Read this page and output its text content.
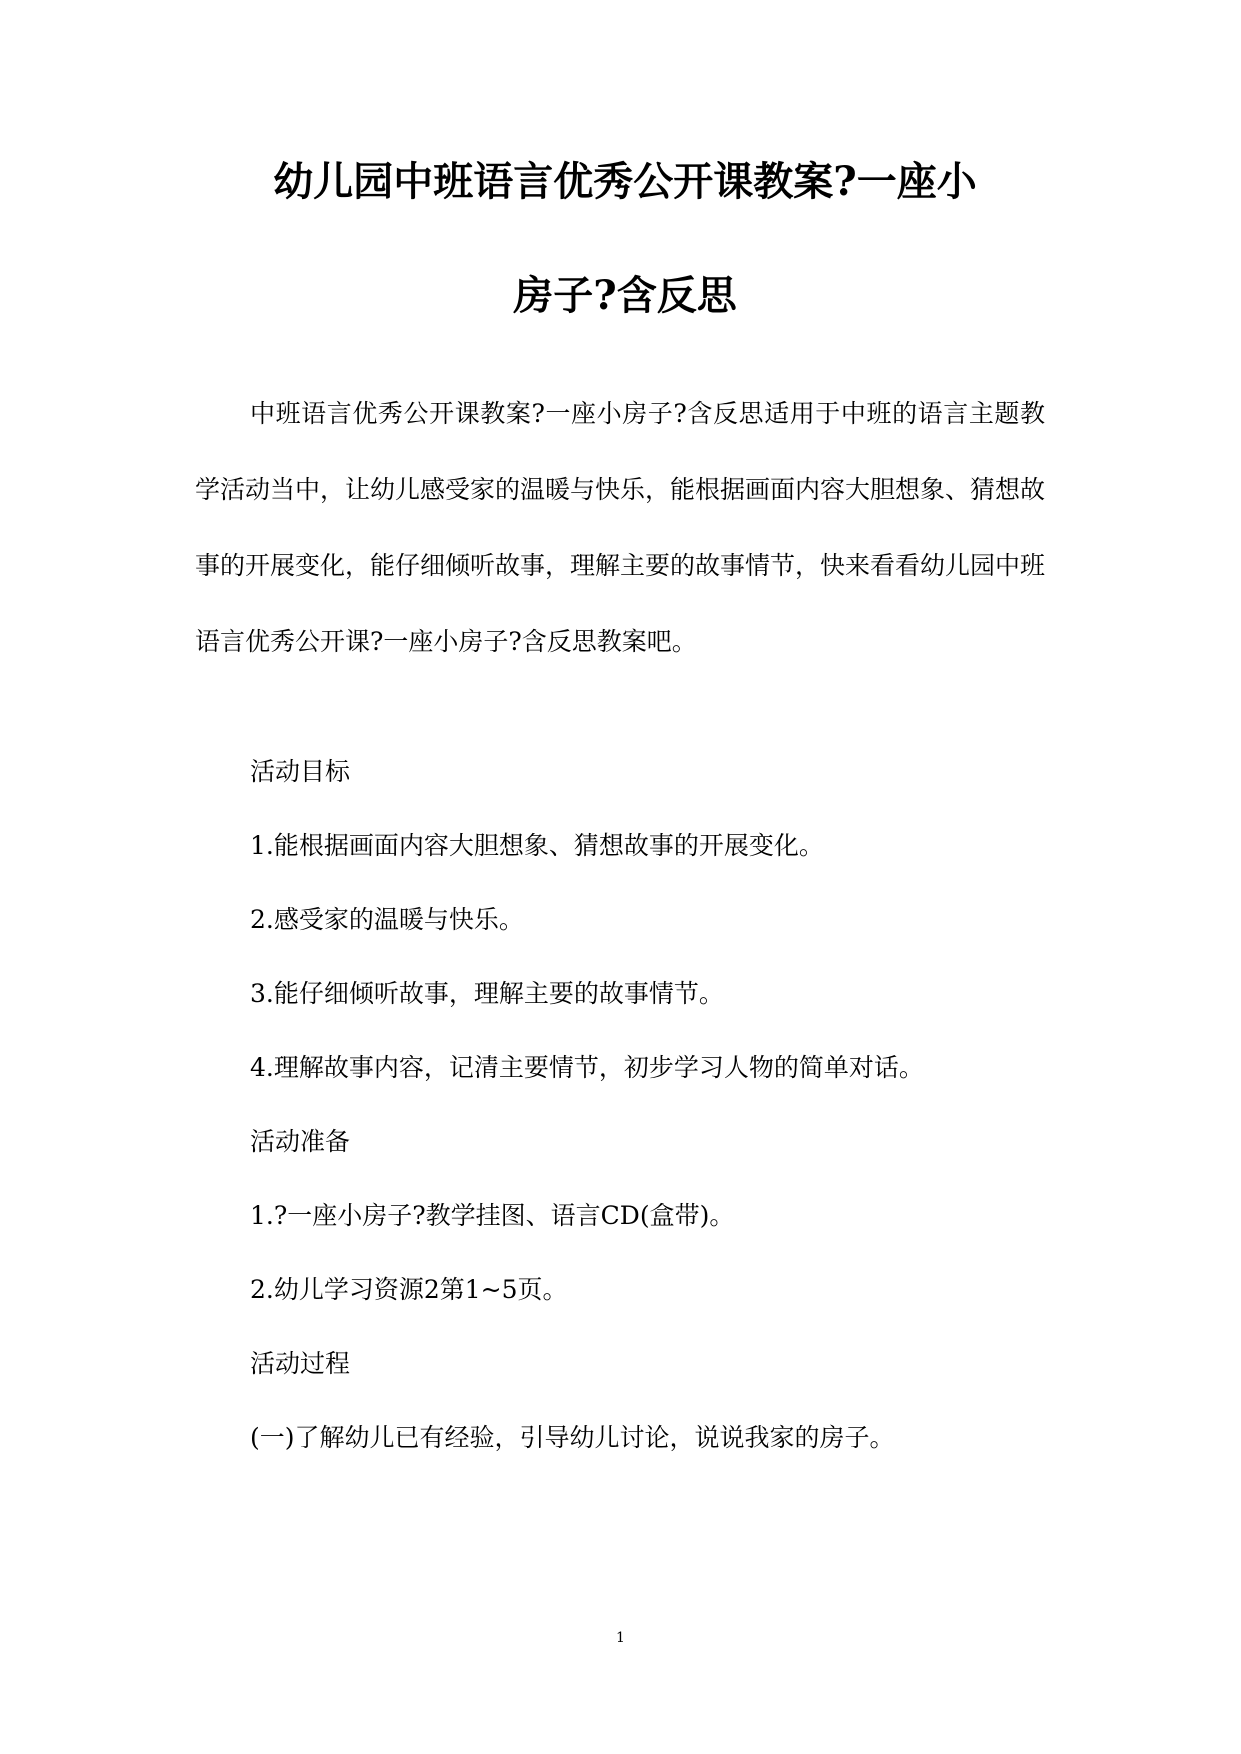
幼儿园中班语言优秀公开课教案?一座小
房子?含反思

中班语言优秀公开课教案?一座小房子?含反思适用于中班的语言主题教学活动当中，让幼儿感受家的温暖与快乐，能根据画面内容大胆想象、猜想故事的开展变化，能仔细倾听故事，理解主要的故事情节，快来看看幼儿园中班语言优秀公开课?一座小房子?含反思教案吧。

活动目标

1.能根据画面内容大胆想象、猜想故事的开展变化。

2.感受家的温暖与快乐。

3.能仔细倾听故事，理解主要的故事情节。

4.理解故事内容，记清主要情节，初步学习人物的简单对话。

活动准备

1.?一座小房子?教学挂图、语言CD(盒带)。

2.幼儿学习资源2第1~5页。

活动过程

(一)了解幼儿已有经验，引导幼儿讨论，说说我家的房子。

1
